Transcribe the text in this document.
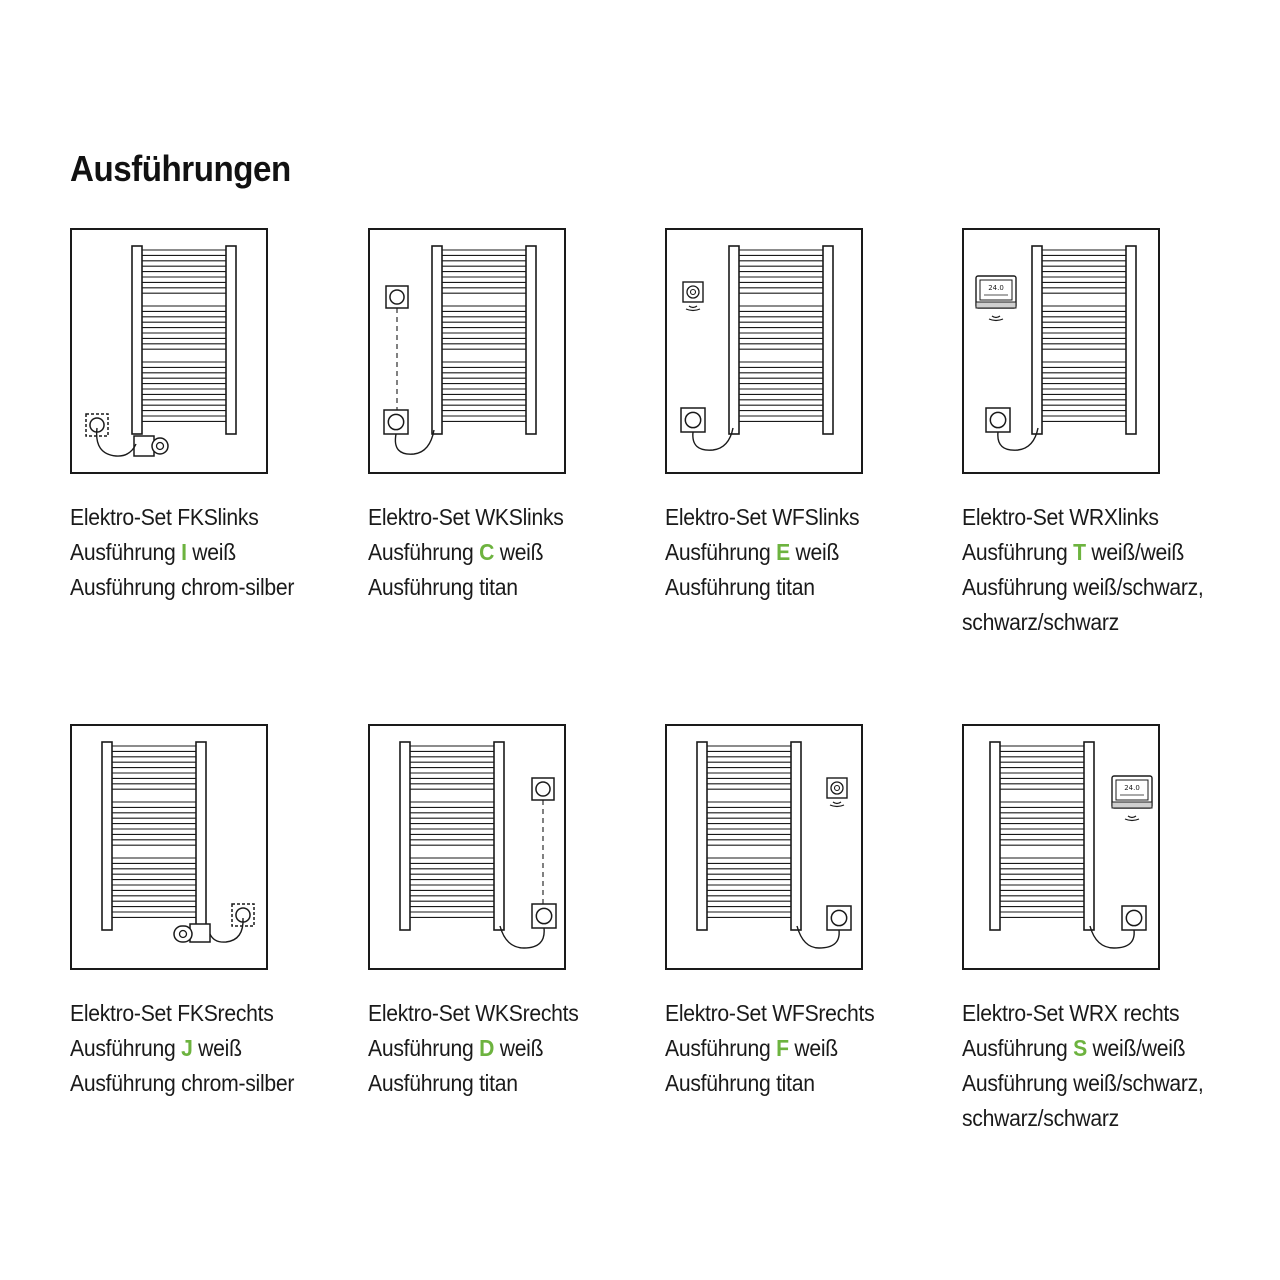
Ausführungen
Elektro-Set FKSlinks
Ausführung I weiß
Ausführung chrom-silber
Elektro-Set WKSlinks
Ausführung C weiß
Ausführung titan
Elektro-Set WFSlinks
Ausführung E weiß
Ausführung titan
24.0
Elektro-Set WRXlinks
Ausführung T weiß/weiß
Ausführung weiß/schwarz,
schwarz/schwarz
Elektro-Set FKSrechts
Ausführung J weiß
Ausführung chrom-silber
Elektro-Set WKSrechts
Ausführung D weiß
Ausführung titan
Elektro-Set WFSrechts
Ausführung F weiß
Ausführung titan
24.0
Elektro-Set WRX rechts
Ausführung S weiß/weiß
Ausführung weiß/schwarz,
schwarz/schwarz
